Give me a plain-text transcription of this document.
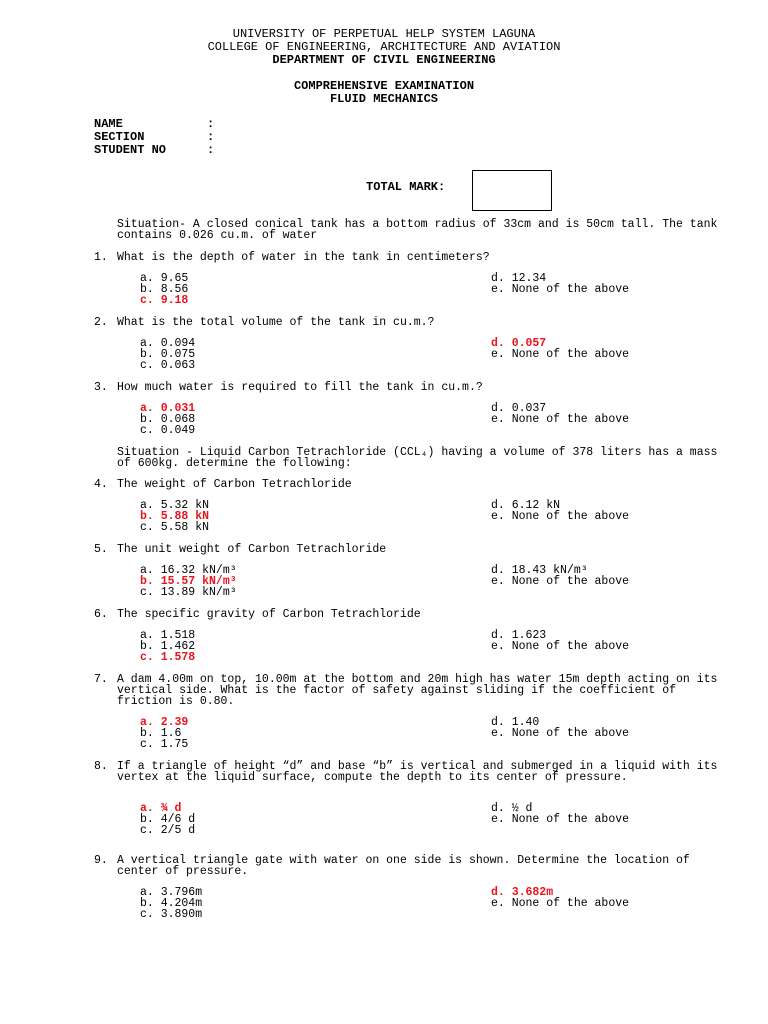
UNIVERSITY OF PERPETUAL HELP SYSTEM LAGUNA
COLLEGE OF ENGINEERING, ARCHITECTURE AND AVIATION
DEPARTMENT OF CIVIL ENGINEERING
COMPREHENSIVE EXAMINATION
FLUID MECHANICS
NAME	:
SECTION	:
STUDENT NO	:
TOTAL MARK:
Situation- A closed conical tank has a bottom radius of 33cm and is 50cm tall. The tank contains 0.026 cu.m. of water
1. What is the depth of water in the tank in centimeters?
a. 9.65
b. 8.56
c. 9.18
d. 12.34
e. None of the above
2. What is the total volume of the tank in cu.m.?
a. 0.094
b. 0.075
c. 0.063
d. 0.057
e. None of the above
3. How much water is required to fill the tank in cu.m.?
a. 0.031
b. 0.068
c. 0.049
d. 0.037
e. None of the above
Situation - Liquid Carbon Tetrachloride (CCL₄) having a volume of 378 liters has a mass of 600kg. determine the following:
4. The weight of Carbon Tetrachloride
a. 5.32 kN
b. 5.88 kN
c. 5.58 kN
d. 6.12 kN
e. None of the above
5. The unit weight of Carbon Tetrachloride
a. 16.32 kN/m³
b. 15.57 kN/m³
c. 13.89 kN/m³
d. 18.43 kN/m³
e. None of the above
6. The specific gravity of Carbon Tetrachloride
a. 1.518
b. 1.462
c. 1.578
d. 1.623
e. None of the above
7. A dam 4.00m on top, 10.00m at the bottom and 20m high has water 15m depth acting on its vertical side. What is the factor of safety against sliding if the coefficient of friction is 0.80.
a. 2.39
b. 1.6
c. 1.75
d. 1.40
e. None of the above
8. If a triangle of height “d” and base “b” is vertical and submerged in a liquid with its vertex at the liquid surface, compute the depth to its center of pressure.
a. ¾ d
b. 4/6 d
c. 2/5 d
d. ½ d
e. None of the above
9. A vertical triangle gate with water on one side is shown. Determine the location of center of pressure.
a. 3.796m
b. 4.204m
c. 3.890m
d. 3.682m
e. None of the above
